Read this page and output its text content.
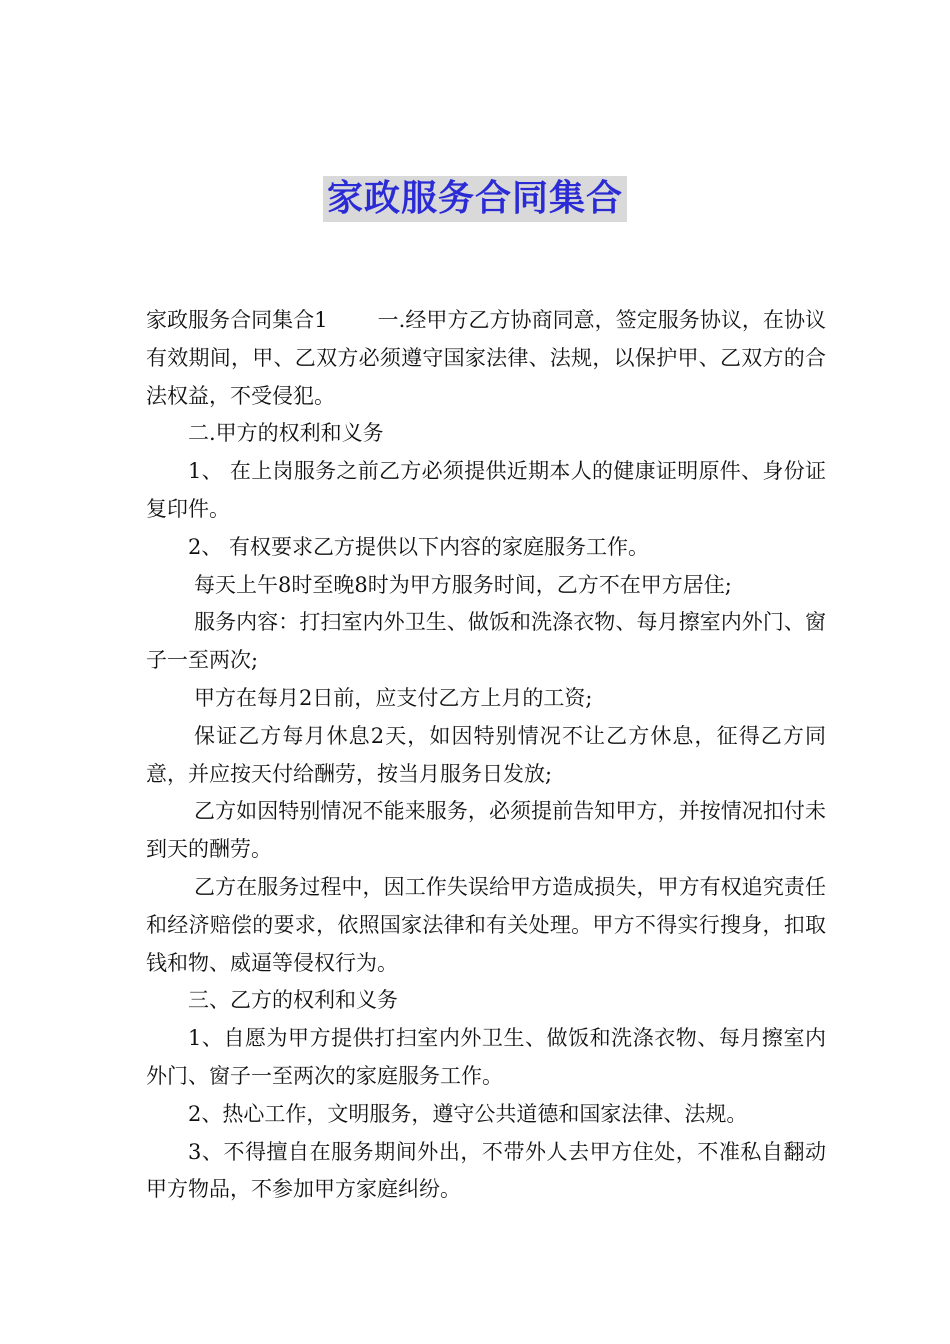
家政服务合同集合

家政服务合同集合1 一.经甲方乙方协商同意，签定服务协议，在协议有效期间，甲、乙双方必须遵守国家法律、法规，以保护甲、乙双方的合法权益，不受侵犯。

二.甲方的权利和义务

1、 在上岗服务之前乙方必须提供近期本人的健康证明原件、身份证复印件。

2、 有权要求乙方提供以下内容的家庭服务工作。

每天上午8时至晚8时为甲方服务时间，乙方不在甲方居住;

服务内容：打扫室内外卫生、做饭和洗涤衣物、每月擦室内外门、窗子一至两次;

甲方在每月2日前，应支付乙方上月的工资;

保证乙方每月休息2天，如因特别情况不让乙方休息，征得乙方同意，并应按天付给酬劳，按当月服务日发放;

乙方如因特别情况不能来服务，必须提前告知甲方，并按情况扣付未到天的酬劳。

乙方在服务过程中，因工作失误给甲方造成损失，甲方有权追究责任和经济赔偿的要求，依照国家法律和有关处理。甲方不得实行搜身，扣取钱和物、威逼等侵权行为。

三、乙方的权利和义务

1、自愿为甲方提供打扫室内外卫生、做饭和洗涤衣物、每月擦室内外门、窗子一至两次的家庭服务工作。

2、热心工作，文明服务，遵守公共道德和国家法律、法规。

3、不得擅自在服务期间外出，不带外人去甲方住处，不准私自翻动甲方物品，不参加甲方家庭纠纷。
